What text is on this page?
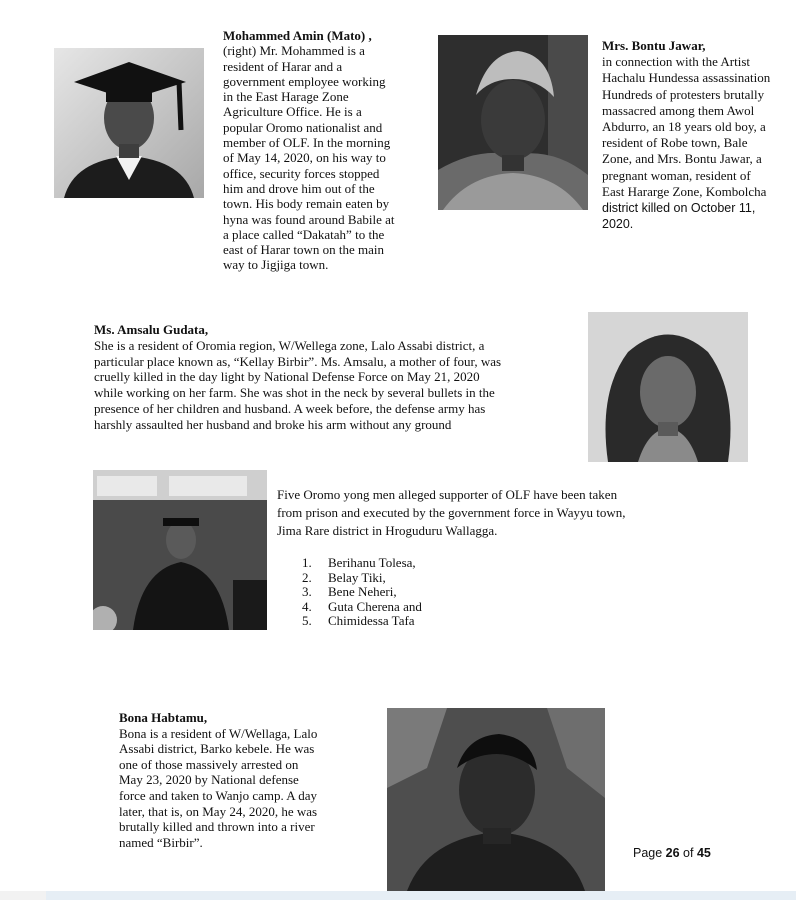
Mohammed Amin (Mato) ,
(right) Mr. Mohammed is a
resident of Harar and a
government employee working
in the East Harage Zone
Agriculture Office. He is a
popular Oromo nationalist and
member of OLF. In the morning
of May 14, 2020, on his way to
office, security forces stopped
him and drove him out of the
town. His body remain eaten by
hyna was found around Babile at
a place called “Dakatah” to the
east of Harar town on the main
way to Jigjiga town.
Mrs. Bontu Jawar,
in connection with the Artist
Hachalu Hundessa assassination
Hundreds of protesters brutally
massacred among them Awol
Abdurro, an 18 years old boy, a
resident of Robe town, Bale
Zone, and Mrs. Bontu Jawar, a
pregnant woman, resident of
East Hararge Zone, Kombolcha
district killed on October 11,
2020.
Ms. Amsalu Gudata,
She is a resident of Oromia region, W/Wellega zone, Lalo Assabi district, a
particular place known as, “Kellay Birbir”. Ms. Amsalu, a mother of four, was
cruelly killed in the day light by National Defense Force on May 21, 2020
while working on her farm. She was shot in the neck by several bullets in the
presence of her children and husband. A week before, the defense army has
harshly assaulted her husband and broke his arm without any ground
Five Oromo yong men alleged supporter of OLF have been taken
from prison and executed by the government force in Wayyu town,
Jima Rare district in Hroguduru Wallagga.
1.	Berihanu Tolesa,
2.	Belay Tiki,
3.	Bene Neheri,
4.	Guta Cherena and
5.	Chimidessa Tafa
Bona Habtamu,
Bona is a resident of W/Wellaga, Lalo
Assabi district, Barko kebele. He was
one of those massively arrested on
May 23, 2020 by National defense
force and taken to Wanjo camp. A day
later, that is, on May 24, 2020, he was
brutally killed and thrown into a river
named “Birbir”.
Page 26 of 45
